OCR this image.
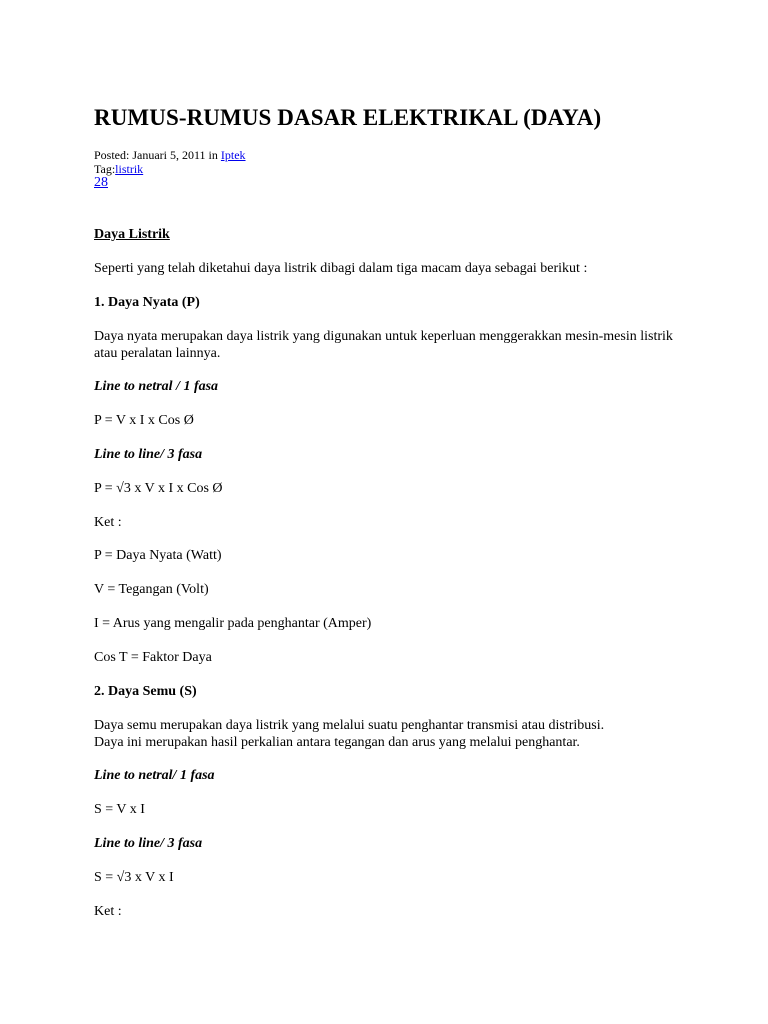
RUMUS-RUMUS DASAR ELEKTRIKAL (DAYA)
Posted: Januari 5, 2011 in Iptek
Tag:listrik
28
Daya Listrik
Seperti yang telah diketahui daya listrik dibagi dalam tiga macam daya sebagai berikut :
1. Daya Nyata (P)
Daya nyata merupakan daya listrik yang digunakan untuk keperluan menggerakkan mesin-mesin listrik atau peralatan lainnya.
Line to netral / 1 fasa
P = V x I x Cos Ø
Line to line/ 3 fasa
P = √3 x V x I x Cos Ø
Ket :
P = Daya Nyata (Watt)
V = Tegangan (Volt)
I = Arus yang mengalir pada penghantar (Amper)
Cos T = Faktor Daya
2. Daya Semu (S)
Daya semu merupakan daya listrik yang melalui suatu penghantar transmisi atau distribusi.
Daya ini merupakan hasil perkalian antara tegangan dan arus yang melalui penghantar.
Line to netral/ 1 fasa
S = V x I
Line to line/ 3 fasa
S = √3 x V x I
Ket :
